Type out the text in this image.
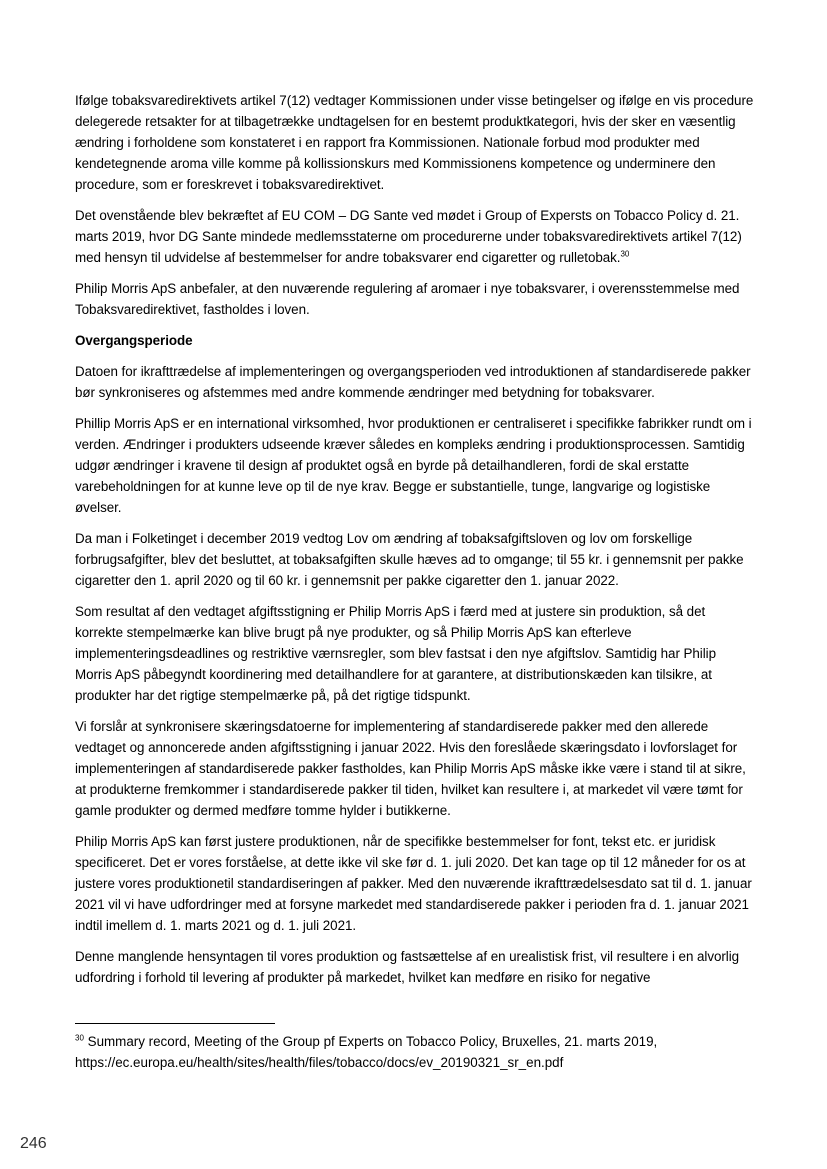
Ifølge tobaksvaredirektivets artikel 7(12) vedtager Kommissionen under visse betingelser og ifølge en vis procedure delegerede retsakter for at tilbagetrække undtagelsen for en bestemt produktkategori, hvis der sker en væsentlig ændring i forholdene som konstateret i en rapport fra Kommissionen. Nationale forbud mod produkter med kendetegnende aroma ville komme på kollissionskurs med Kommissionens kompetence og underminere den procedure, som er foreskrevet i tobaksvaredirektivet.

Det ovenstående blev bekræftet af EU COM – DG Sante ved mødet i Group of Expersts on Tobacco Policy d. 21. marts 2019, hvor DG Sante mindede medlemsstaterne om procedurerne under tobaksvaredirektivets artikel 7(12) med hensyn til udvidelse af bestemmelser for andre tobaksvarer end cigaretter og rulletobak.$^{30}$

Philip Morris ApS anbefaler, at den nuværende regulering af aromaer i nye tobaksvarer, i overensstemmelse med Tobaksvaredirektivet, fastholdes i loven.

Overgangsperiode

Datoen for ikrafttrædelse af implementeringen og overgangsperioden ved introduktionen af standardiserede pakker bør synkroniseres og afstemmes med andre kommende ændringer med betydning for tobaksvarer.

Phillip Morris ApS er en international virksomhed, hvor produktionen er centraliseret i specifikke fabrikker rundt om i verden. Ændringer i produkters udseende kræver således en kompleks ændring i produktionsprocessen. Samtidig udgør ændringer i kravene til design af produktet også en byrde på detailhandleren, fordi de skal erstatte varebeholdningen for at kunne leve op til de nye krav. Begge er substantielle, tunge, langvarige og logistiske øvelser.

Da man i Folketinget i december 2019 vedtog Lov om ændring af tobaksafgiftsloven og lov om forskellige forbrugsafgifter, blev det besluttet, at tobaksafgiften skulle hæves ad to omgange; til 55 kr. i gennemsnit per pakke cigaretter den 1. april 2020 og til 60 kr. i gennemsnit per pakke cigaretter den 1. januar 2022.

Som resultat af den vedtaget afgiftsstigning er Philip Morris ApS i færd med at justere sin produktion, så det korrekte stempelmærke kan blive brugt på nye produkter, og så Philip Morris ApS kan efterleve implementeringsdeadlines og restriktive værnsregler, som blev fastsat i den nye afgiftslov. Samtidig har Philip Morris ApS påbegyndt koordinering med detailhandlere for at garantere, at distributionskæden kan tilsikre, at produkter har det rigtige stempelmærke på, på det rigtige tidspunkt.

Vi forslår at synkronisere skæringsdatoerne for implementering af standardiserede pakker med den allerede vedtaget og annoncerede anden afgiftsstigning i januar 2022. Hvis den foreslåede skæringsdato i lovforslaget for implementeringen af standardiserede pakker fastholdes, kan Philip Morris ApS måske ikke være i stand til at sikre, at produkterne fremkommer i standardiserede pakker til tiden, hvilket kan resultere i, at markedet vil være tømt for gamle produkter og dermed medføre tomme hylder i butikkerne.

Philip Morris ApS kan først justere produktionen, når de specifikke bestemmelser for font, tekst etc. er juridisk specificeret. Det er vores forståelse, at dette ikke vil ske før d. 1. juli 2020. Det kan tage op til 12 måneder for os at justere vores produktionetil standardiseringen af pakker. Med den nuværende ikrafttrædelsesdato sat til d. 1. januar 2021 vil vi have udfordringer med at forsyne markedet med standardiserede pakker i perioden fra d. 1. januar 2021 indtil imellem d. 1. marts 2021 og d. 1. juli 2021.

Denne manglende hensyntagen til vores produktion og fastsættelse af en urealistisk frist, vil resultere i en alvorlig udfordring i forhold til levering af produkter på markedet, hvilket kan medføre en risiko for negative

$^{30}$ Summary record, Meeting of the Group pf Experts on Tobacco Policy, Bruxelles, 21. marts 2019, https://ec.europa.eu/health/sites/health/files/tobacco/docs/ev_20190321_sr_en.pdf
246
